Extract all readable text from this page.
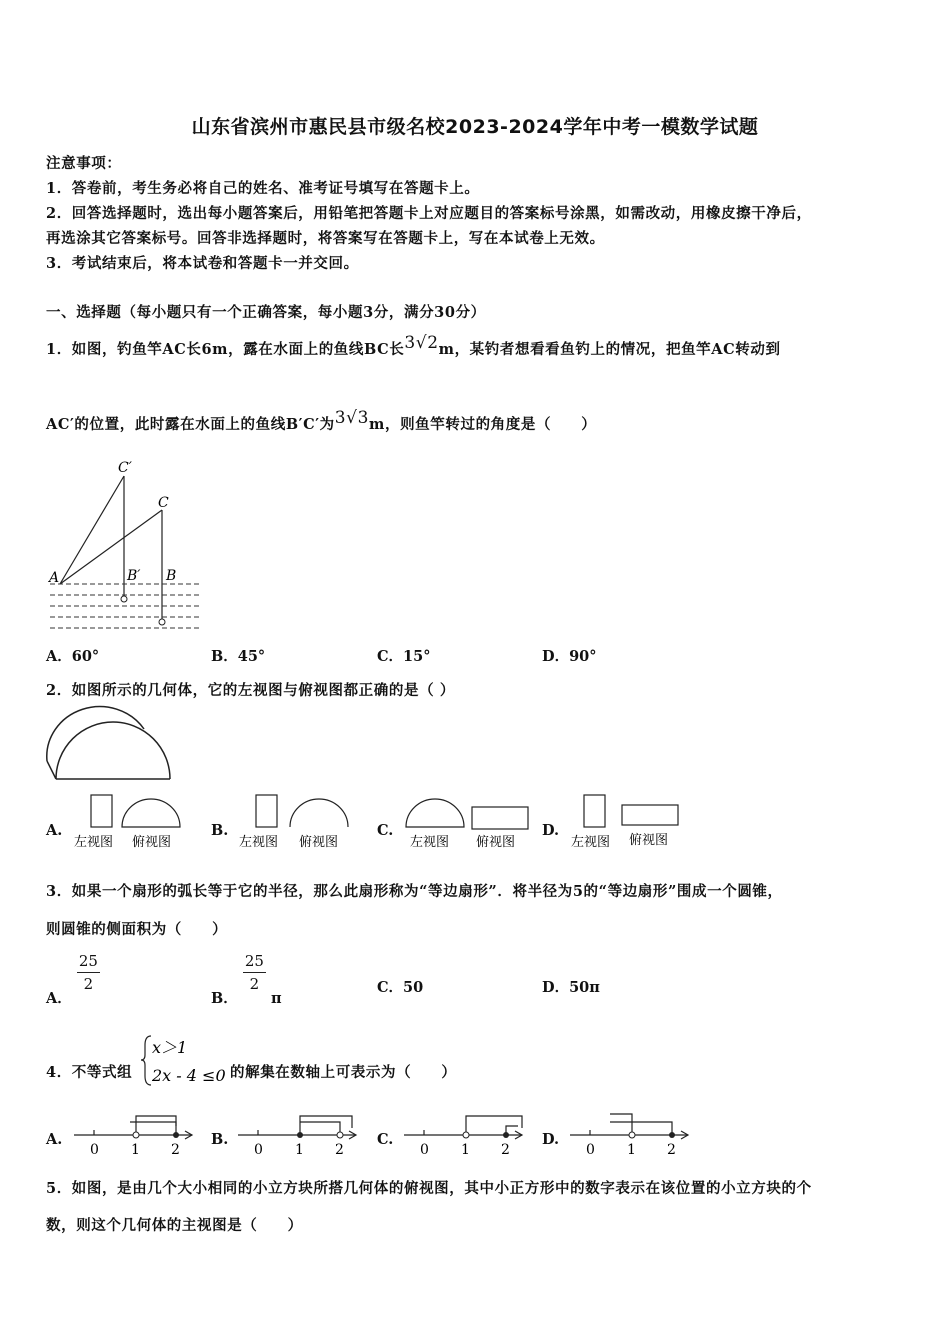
山东省滨州市惠民县市级名校2023-2024学年中考一模数学试题
注意事项：
1．答卷前，考生务必将自己的姓名、准考证号填写在答题卡上。
2．回答选择题时，选出每小题答案后，用铅笔把答题卡上对应题目的答案标号涂黑，如需改动，用橡皮擦干净后，
再选涂其它答案标号。回答非选择题时，将答案写在答题卡上，写在本试卷上无效。
3．考试结束后，将本试卷和答题卡一并交回。
一、选择题（每小题只有一个正确答案，每小题3分，满分30分）
1．如图，钓鱼竿AC长6m，露在水面上的鱼线BC长3√2m，某钓者想看看鱼钓上的情况，把鱼竿AC转动到
AC′的位置，此时露在水面上的鱼线B′C′为3√3m，则鱼竿转过的角度是（　　）
C′
C
A	B′ B
A．60°	B．45°	C．15°	D．90°
2．如图所示的几何体，它的左视图与俯视图都正确的是（ ）
A.
左视图 俯视图
B.
左视图 俯视图
C.
左视图 俯视图
D.
左视图 俯视图
3．如果一个扇形的弧长等于它的半径，那么此扇形称为“等边扇形”．将半径为5的“等边扇形”围成一个圆锥，
则圆锥的侧面积为（　　）
A．
$\frac{25}{2}$
B．
$\frac{25}{2}$
π
C．50	D．50π
4．不等式组
x＞1
2x - 4 ≤0 的解集在数轴上可表示为（　　）
A.
0 1 2
B.
0 1 2
C.
0 1 2
D.
0 1 2
5．如图，是由几个大小相同的小立方块所搭几何体的俯视图，其中小正方形中的数字表示在该位置的小立方块的个
数，则这个几何体的主视图是（　　）
